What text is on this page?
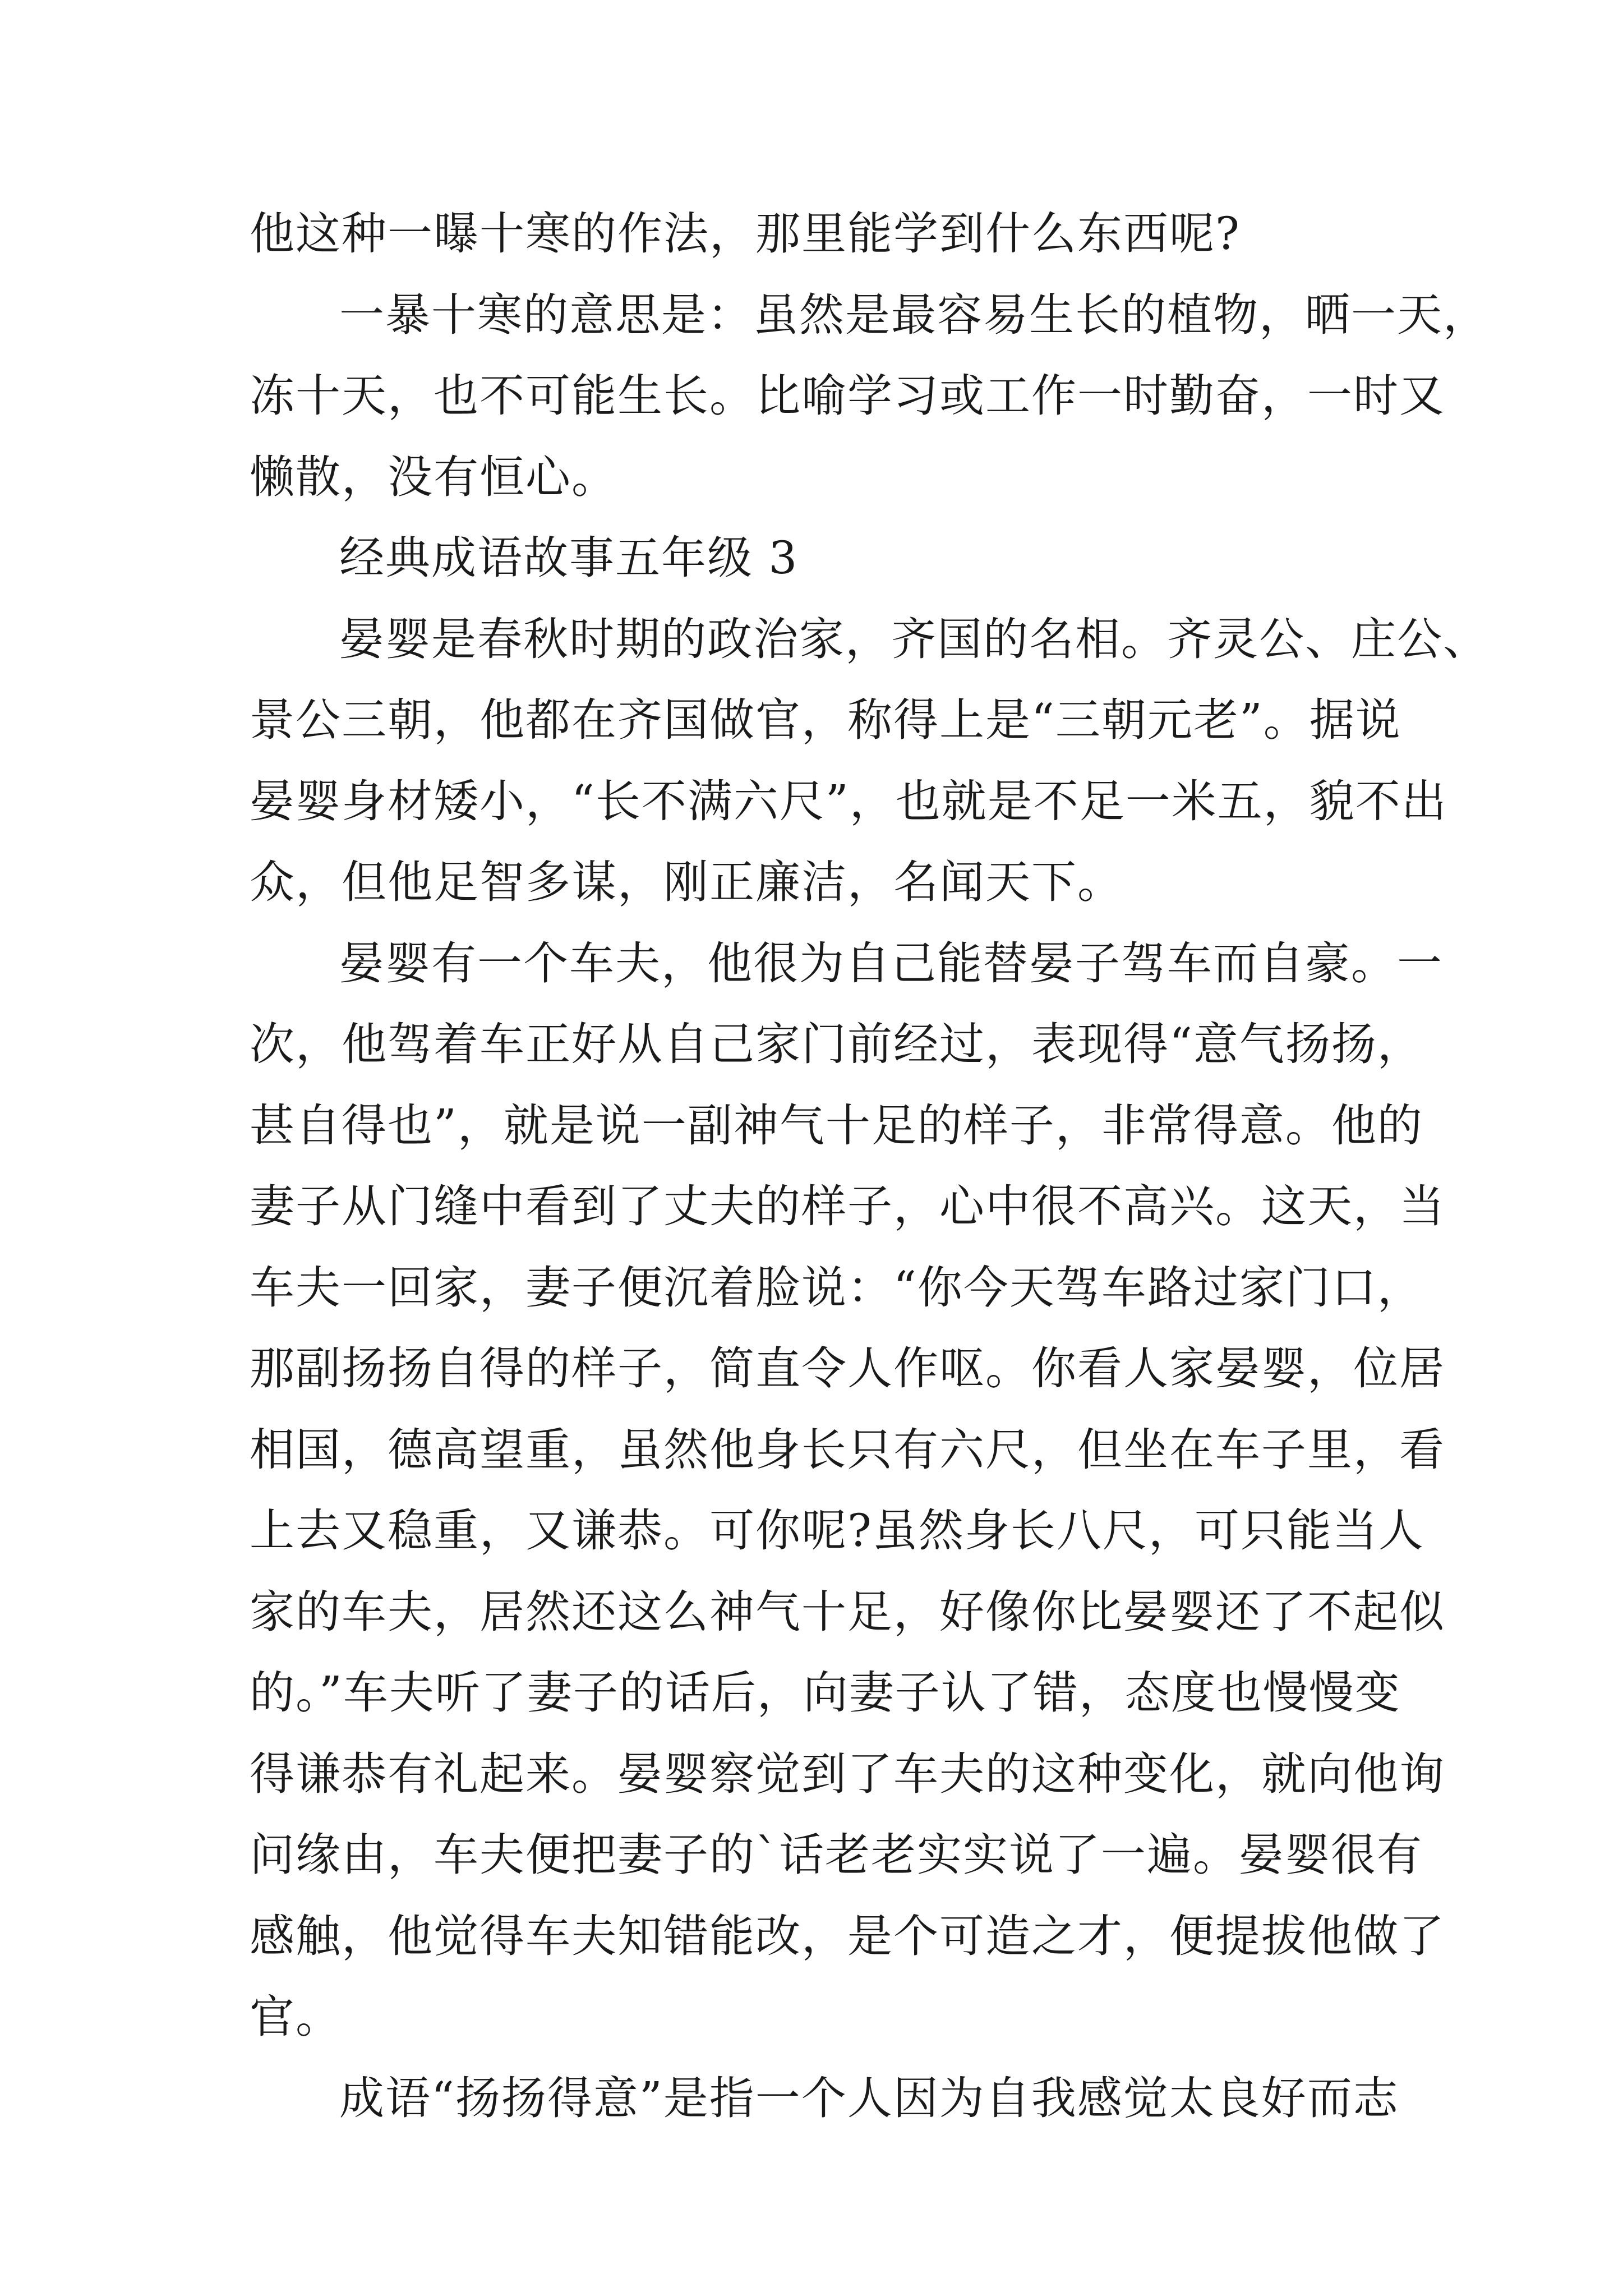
他这种一曝十寒的作法，那里能学到什么东西呢?
一暴十寒的意思是：虽然是最容易生长的植物，晒一天，
冻十天，也不可能生长。比喻学习或工作一时勤奋，一时又
懒散，没有恒心。
经典成语故事五年级 3
晏婴是春秋时期的政治家，齐国的名相。齐灵公、庄公、
景公三朝，他都在齐国做官，称得上是“三朝元老”。据说
晏婴身材矮小，“长不满六尺”，也就是不足一米五，貌不出
众，但他足智多谋，刚正廉洁，名闻天下。
晏婴有一个车夫，他很为自己能替晏子驾车而自豪。一
次，他驾着车正好从自己家门前经过，表现得“意气扬扬，
甚自得也”，就是说一副神气十足的样子，非常得意。他的
妻子从门缝中看到了丈夫的样子，心中很不高兴。这天，当
车夫一回家，妻子便沉着脸说：“你今天驾车路过家门口，
那副扬扬自得的样子，简直令人作呕。你看人家晏婴，位居
相国，德高望重，虽然他身长只有六尺，但坐在车子里，看
上去又稳重，又谦恭。可你呢?虽然身长八尺，可只能当人
家的车夫，居然还这么神气十足，好像你比晏婴还了不起似
的。”车夫听了妻子的话后，向妻子认了错，态度也慢慢变
得谦恭有礼起来。晏婴察觉到了车夫的这种变化，就向他询
问缘由，车夫便把妻子的`话老老实实说了一遍。晏婴很有
感触，他觉得车夫知错能改，是个可造之才，便提拔他做了
官。
成语“扬扬得意”是指一个人因为自我感觉太良好而志
